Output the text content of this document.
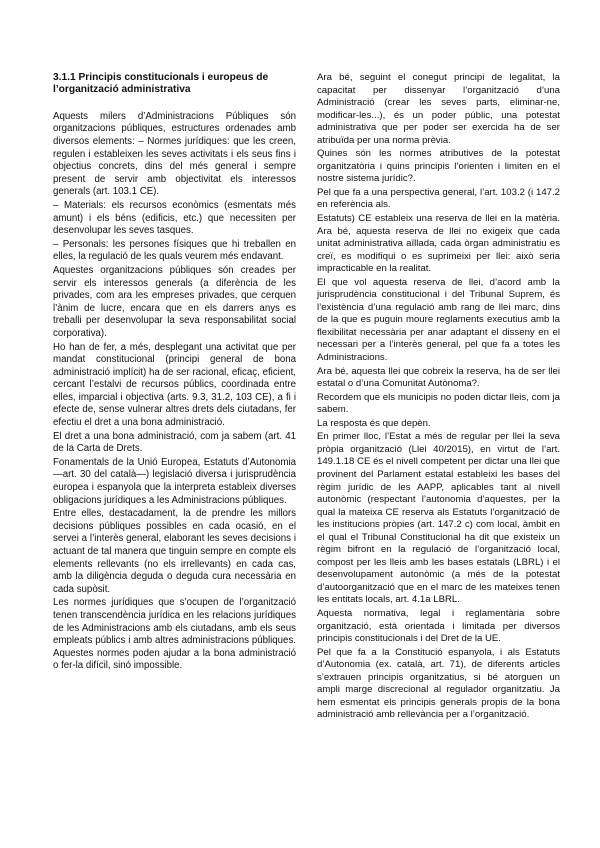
3.1.1 Principis constitucionals i europeus de l’organització administrativa

Aquests milers d’Administracions Públiques són organitzacions públiques, estructures ordenades amb diversos elements: – Normes jurídiques: que les creen, regulen i estableixen les seves activitats i els seus fins i objectius concrets, dins del més general i sempre present de servir amb objectivitat els interessos generals (art. 103.1 CE).

– Materials: els recursos econòmics (esmentats més amunt) i els béns (edificis, etc.) que necessiten per desenvolupar les seves tasques.

– Personals: les persones físiques que hi treballen en elles, la regulació de les quals veurem més endavant.

Aquestes organitzacions públiques són creades per servir els interessos generals (a diferència de les privades, com ara les empreses privades, que cerquen l’ànim de lucre, encara que en els darrers anys es treballi per desenvolupar la seva responsabilitat social corporativa).

Ho han de fer, a més, desplegant una activitat que per mandat constitucional (principi general de bona administració implícit) ha de ser racional, eficaç, eficient, cercant l’estalvi de recursos públics, coordinada entre elles, imparcial i objectiva (arts. 9.3, 31.2, 103 CE), a fi i efecte de, sense vulnerar altres drets dels ciutadans, fer efectiu el dret a una bona administració.

El dret a una bona administració, com ja sabem (art. 41 de la Carta de Drets.

Fonamentals de la Unió Europea, Estatuts d’Autonomia —art. 30 del català—) legislació diversa i jurisprudència europea i espanyola que la interpreta estableix diverses obligacions jurídiques a les Administracions públiques.

Entre elles, destacadament, la de prendre les millors decisions públiques possibles en cada ocasió, en el servei a l’interès general, elaborant les seves decisions i actuant de tal manera que tinguin sempre en compte els elements rellevants (no els irrellevants) en cada cas, amb la diligència deguda o deguda cura necessària en cada supòsit.

Les normes jurídiques que s’ocupen de l’organització tenen transcendència jurídica en les relacions jurídiques de les Administracions amb els ciutadans, amb els seus empleats públics i amb altres administracions públiques. Aquestes normes poden ajudar a la bona administració o fer-la difícil, sinó impossible.

Ara bé, seguint el conegut principi de legalitat, la capacitat per dissenyar l’organització d’una Administració (crear les seves parts, eliminar-ne, modificar-les...), és un poder públic, una potestat administrativa que per poder ser exercida ha de ser atribuïda per una norma prèvia.

Quines són les normes atributives de la potestat organitzatòria i quins principis l’orienten i limiten en el nostre sistema jurídic?.

Pel que fa a una perspectiva general, l’art. 103.2 (i 147.2 en referència als.

Estatuts) CE estableix una reserva de llei en la matèria. Ara bé, aquesta reserva de llei no exigeix que cada unitat administrativa aïllada, cada òrgan administratiu es creï, es modifiqui o es suprimeixi per llei: això seria impracticable en la realitat.

El que vol aquesta reserva de llei, d’acord amb la jurisprudència constitucional i del Tribunal Suprem, és l’existència d’una regulació amb rang de llei marc, dins de la que es puguin moure reglaments executius amb la flexibilitat necessària per anar adaptant el disseny en el necessari per a l’interès general, pel que fa a totes les Administracions.

Ara bé, aquesta llei que cobreix la reserva, ha de ser llei estatal o d’una Comunitat Autònoma?.

Recordem que els municipis no poden dictar lleis, com ja sabem.

La resposta és que depèn.

En primer lloc, l’Estat a més de regular per llei la seva pròpia organització (Llei 40/2015), en virtut de l’art. 149.1.18 CE és el nivell competent per dictar una llei que provinent del Parlament estatal estableixi les bases del règim jurídic de les AAPP, aplicables tant al nivell autonòmic (respectant l’autonomia d’aquestes, per la qual la mateixa CE reserva als Estatuts l’organització de les institucions pròpies (art. 147.2 c) com local, àmbit en el qual el Tribunal Constitucional ha dit que existeix un règim bifront en la regulació de l’organització local, compost per les lleis amb les bases estatals (LBRL) i el desenvolupament autonòmic (a més de la potestat d’autoorganització que en el marc de les mateixes tenen les entitats locals, art. 4.1a LBRL.

Aquesta normativa, legal i reglamentària sobre organització, està orientada i limitada per diversos principis constitucionals i del Dret de la UE.

Pel que fa a la Constitució espanyola, i als Estatuts d’Autonomia (ex. català, art. 71), de diferents articles s’extrauen principis organitzatius, si bé atorguen un ampli marge discrecional al regulador organitzatiu. Ja hem esmentat els principis generals propis de la bona administració amb rellevància per a l’organització.
